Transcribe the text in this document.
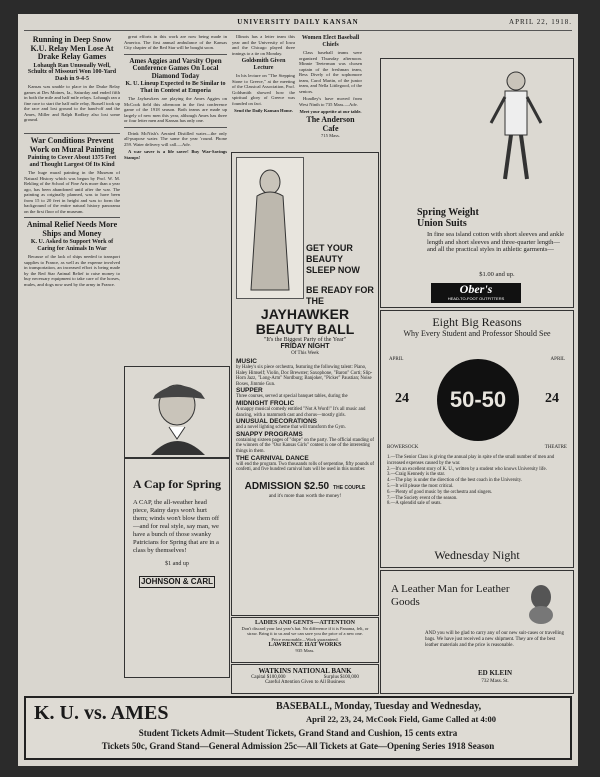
UNIVERSITY DAILY KANSAN	APRIL 22, 1918.
Running in Deep Snow K.U. Relay Men Lose At Drake Relay Games
Lohaugh Ran Unusually Well, Schultz of Missouri Won 100-Yard Dash in 9-4-5

Kansas was unable to place in the Drake Relay games at Des Moines, Ia., Saturday and ended fifth in both the mile and half mile relays. Lohaugh ran a fine race to start the half mile relay, Russell took up the race and lost ground to the hand-off and the Ames, Miller and Ralph Rodkey also lost some ground.

War Conditions Prevent Work on Mural Painting
Painting to Cover About 1375 Feet and Thought Largest Of Its Kind

The huge mural painting in the Museum of Natural History which was begun by Prof. W. M. Rekling of the School of Fine Arts more than a year ago, has been abandoned until after the war. The painting as originally planned, was to have been from 15 to 20 feet in height and was to form the background of the entire natural history panorama on the first floor of the museum.

Animal Relief Needs More Ships and Money
K. U. Asked to Support Work of Caring for Animals In War

Because of the lack of ships needed to transport supplies to France, as well as the expense involved in transportation, an increased effort is being made by the Red Star Animal Relief to raise money to buy necessary equipment to take care of the horses, mules, and dogs now used by the army in France.

great efforts in this work are now being made in America. The first annual ambulance of the Kansas City chapter of the Red Star will be bought soon.

Ames Aggies and Varsity Open Conference Games On Local Diamond Today
K. U. Lineup Expected to Be Similar to That in Contest at Emporia

The Jayhawkers are playing the Ames Aggies on McCook field this afternoon in the first conference game of the 1918 season. Both teams are made up largely of new men this year, although Ames has three or four letter men and Kansas has only one.

Drink McNish's Aerated Distilled water—the only all-purpose water. The same the year 'round. Phone 259. Water delivery will call.—Adv.

A war saver is a life saver! Buy War-Savings Stamps!

Illinois has a letter team this year and the University of Iowa and the Chicago played three innings to a tie on Monday.

Goldsmith Given Lecture

In his lecture on "The Stepping Stone to Greece," at the meeting of the Classical Association, Prof. Goldsmith showed how the spiritual glory of Greece was founded on fact.

Send the Daily Kansan Home.
Women Elect Baseball Chiefs

Class baseball teams were organized Thursday afternoon. Minnie Teeterman was chosen captain of the freshman team, Bess Dively of the sophomore team, Carol Martin, of the junior team, and Nella Littlegood, of the seniors.

Hoadley's have moved from West Ninth to 735 Mass.—Adv.

Meet your appetite at our table.
The Anderson Cafe
715 Mass.
A Cap for Spring
A CAP, the all-weather head piece, Rainy days won't hurt them; winds won't blow them off—and for real style, say man, we have a bunch of those swanky Patricians for Spring that are in a class by themselves!
$1 and up
JOHNSON & CARL
GET YOUR BEAUTY SLEEP NOW
BE READY FOR THE
JAYHAWKER
BEAUTY BALL
"It's the Biggest Party of the Year"
FRIDAY NIGHT
Of This Week
MUSIC
by Haley's six piece orchestra, featuring the following talent: Piano, Haley Himself; Violin, Doc Brewster; Saxophone, "Baron" Corti; Slip-Horn Jazz, "Long-Arm" Nordburg; Banjoker, "Picker" Paustian; Noise Boxes, Jimmie Gun.
SUPPER
Three courses, served at special banquet tables, during the
MIDNIGHT FROLIC
A snappy musical comedy entitled "Not A Word!" It's all music and dancing, with a mammoth cast and chorus—mostly girls.
UNUSUAL DECORATIONS
and a novel lighting scheme that will transform the Gym.
SNAPPY PROGRAMS
containing sixteen pages of "dope" on the party. The official standing of the winners of the "Our Kansas Girls" contest is one of the interesting things in them.
THE CARNIVAL DANCE
will end the program. Two thousands rolls of serpentine, fifty pounds of confetti, and five hundred carnival hats will be used in this number.
ADMISSION $2.50 THE COUPLE
and it's more than worth the money!
LADIES AND GENTS—ATTENTION
Don't discard your last year's hat. No difference if it is Panama, felt, or straw. Bring it to us and we can save you the price of a new one.
Price reasonable—Work guaranteed.
LAWRENCE HAT WORKS
935 Mass.
WATKINS NATIONAL BANK
Capital $100,000	Surplus $100,000
Careful Attention Given to All Business
Spring Weight Union Suits
In fine sea island cotton with short sleeves and ankle length and short sleeves and three-quarter length—and all the practical styles in athletic garments—
$1.00 and up.
Ober's
HEAD-TO-FOOT OUTFITTERS
Eight Big Reasons
Why Every Student and Professor Should See
APRIL	APRIL
24	24
50-50
BOWERSOCK	THEATRE
1.—The Senior Class is giving the annual play in spite of the small number of men and increased expenses caused by the war.
2.—It's an excellent story of K. U., written by a student who knows University life.
3.—Craig Kennedy is the star.
4.—The play is under the direction of the best coach in the University.
5.—It will please the most critical.
6.—Plenty of good music by the orchestra and singers.
7.—The Society event of the season.
8.—A splendid sale of seats.
Wednesday Night
A Leather Man for Leather Goods
AND you will be glad to carry any of our new suit-cases or travelling bags. We have just received a new shipment. They are of the best leather materials and the price is reasonable.
ED KLEIN
732 Mass. St.
K. U. vs. AMES	BASEBALL, Monday, Tuesday and Wednesday,
April 22, 23, 24, McCook Field, Game Called at 4:00
Student Tickets Admit—Student Tickets, Grand Stand and Cushion, 15 cents extra
Tickets 50c, Grand Stand—General Admission 25c—All Tickets at Gate—Opening Series 1918 Season
